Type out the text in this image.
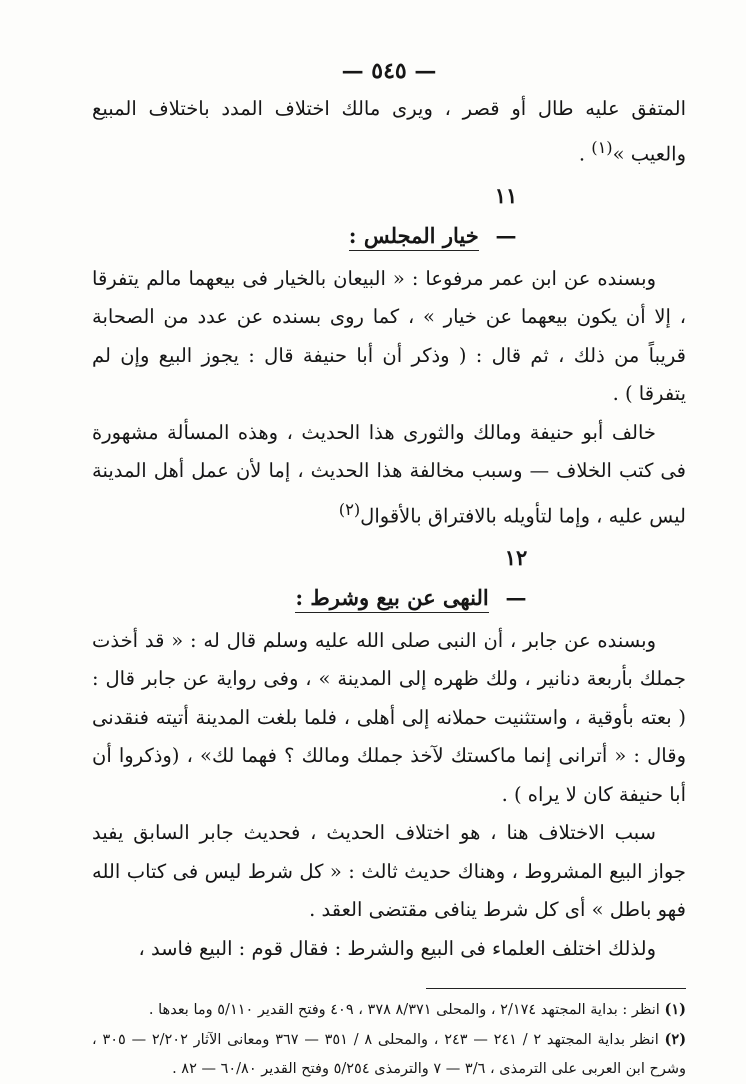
— ٥٤٥ —

المتفق عليه طال أو قصر ، ويرى مالك اختلاف المدد باختلاف المبيع والعيب »$^{(١)}$ .

١١ — خيار المجلس :

وبسنده عن ابن عمر مرفوعا : « البيعان بالخيار فى بيعهما مالم يتفرقا ، إلا أن يكون بيعهما عن خيار » ، كما روى بسنده عن عدد من الصحابة قريباً من ذلك ، ثم قال : ( وذكر أن أبا حنيفة قال : يجوز البيع وإن لم يتفرقا ) .

خالف أبو حنيفة ومالك والثورى هذا الحديث ، وهذه المسألة مشهورة فى كتب الخلاف — وسبب مخالفة هذا الحديث ، إما لأن عمل أهل المدينة ليس عليه ، وإما لتأويله بالافتراق بالأقوال$^{(٢)}$

١٢ — النهى عن بيع وشرط :

وبسنده عن جابر ، أن النبى صلى الله عليه وسلم قال له : « قد أخذت جملك بأربعة دنانير ، ولك ظهره إلى المدينة » ، وفى رواية عن جابر قال : ( بعته بأوقية ، واستثنيت حملانه إلى أهلى ، فلما بلغت المدينة أتيته فنقدنى وقال : « أترانى إنما ماكستك لآخذ جملك ومالك ؟ فهما لك» ، (وذكروا أن أبا حنيفة كان لا يراه ) .

سبب الاختلاف هنا ، هو اختلاف الحديث ، فحديث جابر السابق يفيد جواز البيع المشروط ، وهناك حديث ثالث : « كل شرط ليس فى كتاب الله فهو باطل » أى كل شرط ينافى مقتضى العقد .

ولذلك اختلف العلماء فى البيع والشرط : فقال قوم : البيع فاسد ،

(١) انظر : بداية المجتهد ٢/١٧٤ ، والمحلى ٨/٣٧١ ٣٧٨ ، ٤٠٩ وفتح القدير ٥/١١٠ وما بعدها .

(٢) انظر بداية المجتهد ٢ / ٢٤١ — ٢٤٣ ، والمحلى ٨ / ٣٥١ — ٣٦٧ ومعانى الآثار ٢/٢٠٢ — ٣٠٥ ، وشرح ابن العربى على الترمذى ، ٣/٦ — ٧ والترمذى ٥/٢٥٤ وفتح القدير ٦٠/٨٠ — ٨٢ .
